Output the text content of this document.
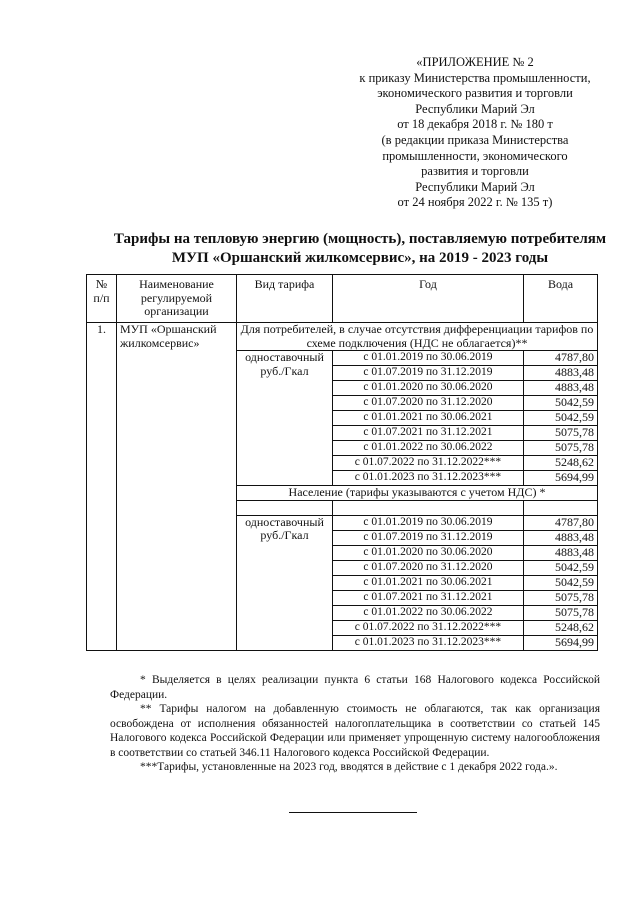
«ПРИЛОЖЕНИЕ № 2
к приказу Министерства промышленности,
экономического развития и торговли
Республики Марий Эл
от 18 декабря 2018 г. № 180 т
(в редакции приказа Министерства
промышленности, экономического
развития и торговли
Республики Марий Эл
от 24 ноября 2022 г. № 135 т)
Тарифы на тепловую энергию (мощность), поставляемую потребителям
МУП «Оршанский жилкомсервис», на 2019 - 2023 годы
№ п/п	Наименование регулируемой организации	Вид тарифа	Год	Вода
1.	МУП «Оршанский жилкомсервис»	Для потребителей, в случае отсутствия дифференциации тарифов по схеме подключения (НДС не облагается)**		
		одноставочный руб./Гкал	с 01.01.2019 по 30.06.2019	4787,80
			с 01.07.2019 по 31.12.2019	4883,48
			с 01.01.2020 по 30.06.2020	4883,48
			с 01.07.2020 по 31.12.2020	5042,59
			с 01.01.2021 по 30.06.2021	5042,59
			с 01.07.2021 по 31.12.2021	5075,78
			с 01.01.2022 по 30.06.2022	5075,78
			с 01.07.2022 по 31.12.2022***	5248,62
			с 01.01.2023 по 31.12.2023***	5694,99
		Население (тарифы указываются с учетом НДС) *		

		одноставочный руб./Гкал	с 01.01.2019 по 30.06.2019	4787,80
			с 01.07.2019 по 31.12.2019	4883,48
			с 01.01.2020 по 30.06.2020	4883,48
			с 01.07.2020 по 31.12.2020	5042,59
			с 01.01.2021 по 30.06.2021	5042,59
			с 01.07.2021 по 31.12.2021	5075,78
			с 01.01.2022 по 30.06.2022	5075,78
			с 01.07.2022 по 31.12.2022***	5248,62
			с 01.01.2023 по 31.12.2023***	5694,99

* Выделяется в целях реализации пункта 6 статьи 168 Налогового кодекса Российской Федерации.

** Тарифы налогом на добавленную стоимость не облагаются, так как организация освобождена от исполнения обязанностей налогоплательщика в соответствии со статьей 145 Налогового кодекса Российской Федерации или применяет упрощенную систему налогообложения в соответствии со статьей 346.11 Налогового кодекса Российской Федерации.

***Тарифы, установленные на 2023 год, вводятся в действие с 1 декабря 2022 года.».
